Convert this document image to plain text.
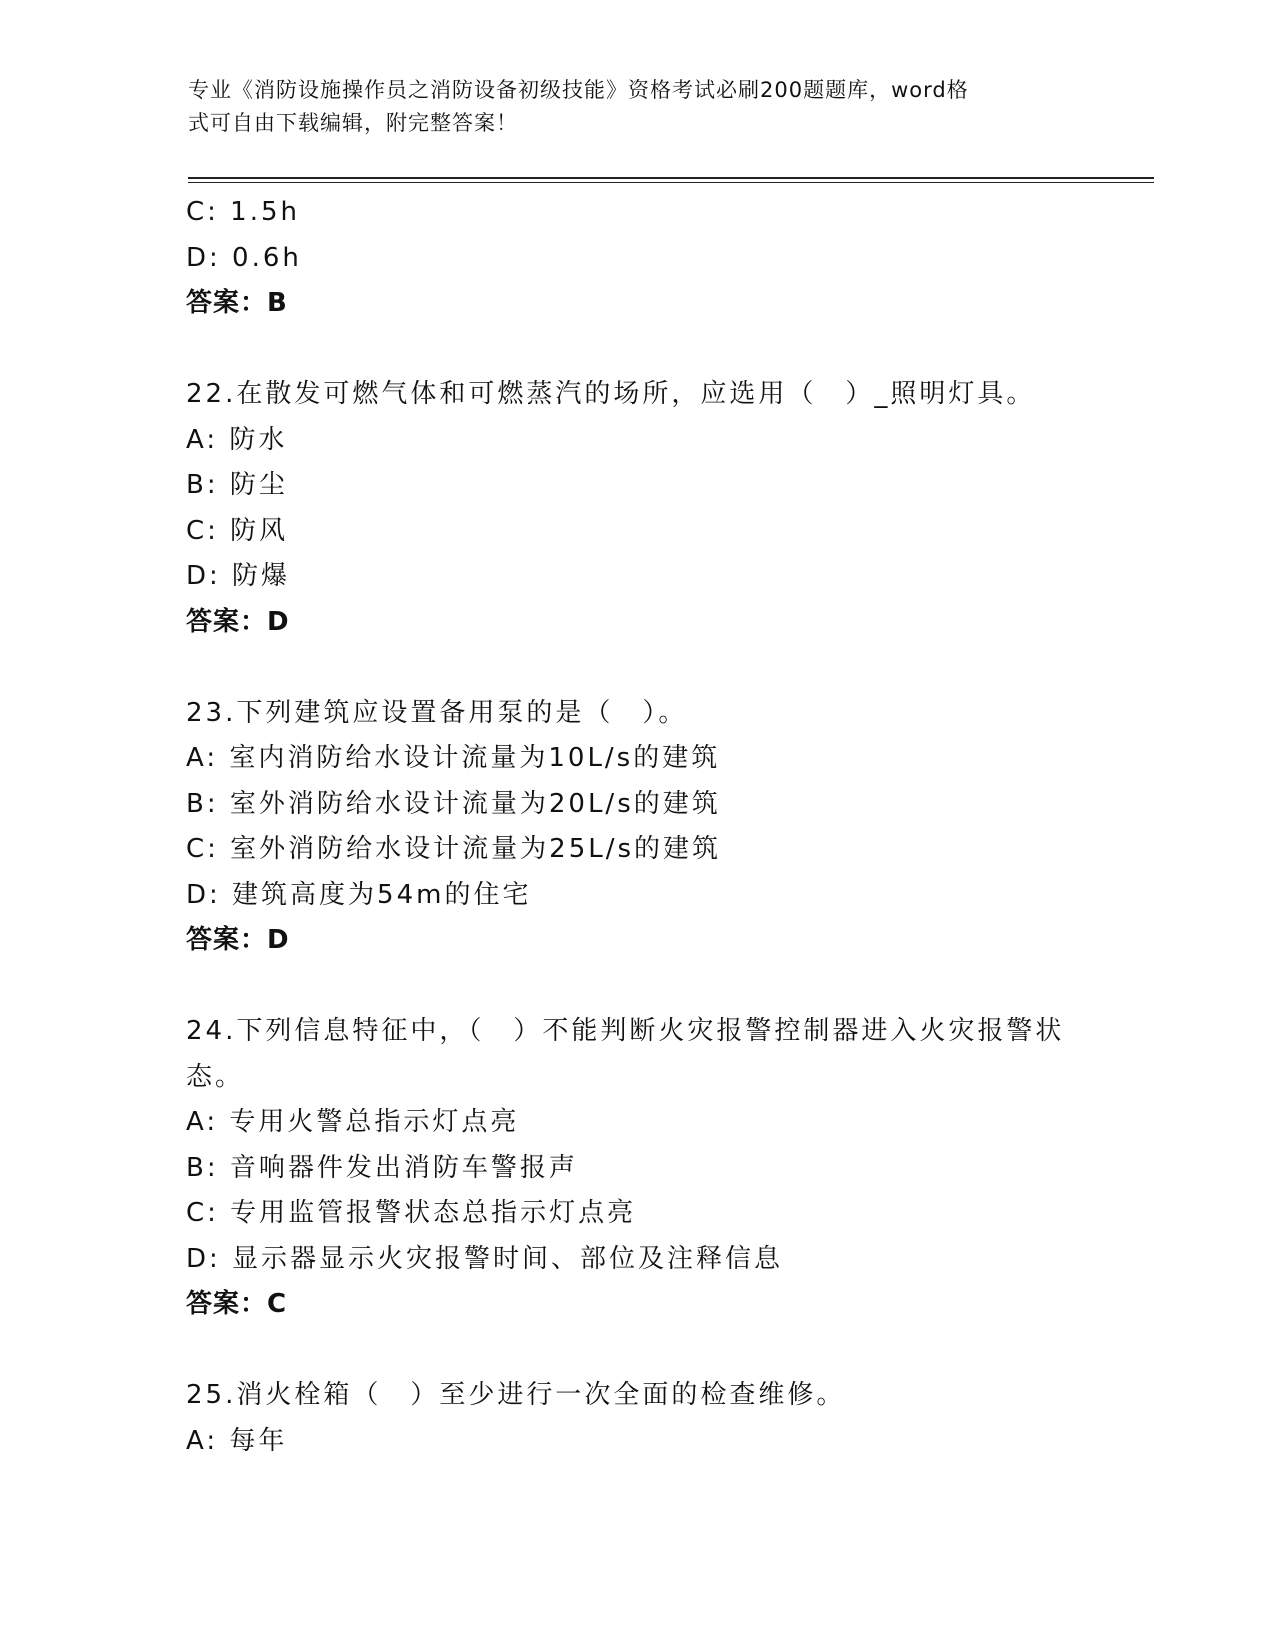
专业《消防设施操作员之消防设备初级技能》资格考试必刷200题题库，word格
式可自由下载编辑，附完整答案！
C: 1.5h
D: 0.6h
答案：B
22.在散发可燃气体和可燃蒸汽的场所，应选用（　）_照明灯具。
A: 防水
B: 防尘
C: 防风
D: 防爆
答案：D
23.下列建筑应设置备用泵的是（　）。
A: 室内消防给水设计流量为10L/s的建筑
B: 室外消防给水设计流量为20L/s的建筑
C: 室外消防给水设计流量为25L/s的建筑
D: 建筑高度为54m的住宅
答案：D
24.下列信息特征中，（　）不能判断火灾报警控制器进入火灾报警状
态。
A: 专用火警总指示灯点亮
B: 音响器件发出消防车警报声
C: 专用监管报警状态总指示灯点亮
D: 显示器显示火灾报警时间、部位及注释信息
答案：C
25.消火栓箱（　）至少进行一次全面的检查维修。
A: 每年
